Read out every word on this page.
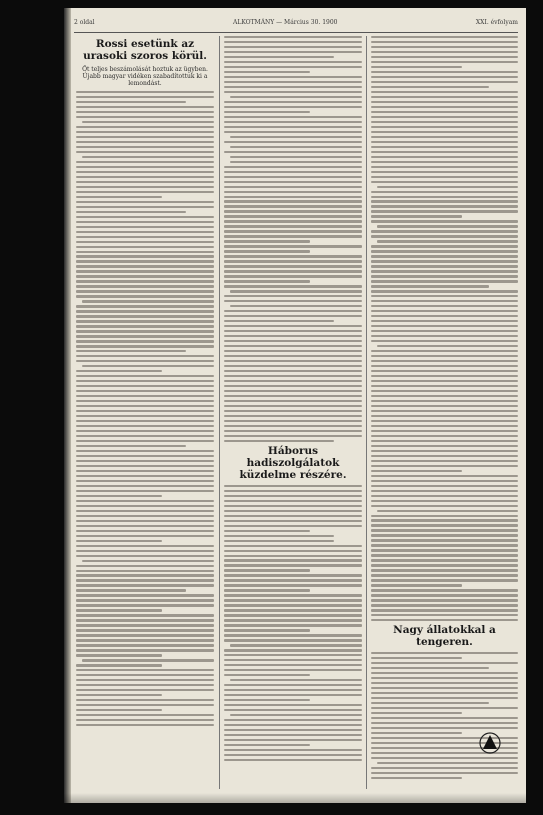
2 oldal	ALKOTMÁNY — Március 30. 1900	XXI. évfolyam
Rossi esetünk az urasoki szoros körül.
Őt teljes beszámolását hoztuk az ügyben. Újabb magyar vidéken szabadítottuk ki a lemondást.
Háborus hadiszolgálatok küzdelme részére.
Nagy állatokkal a tengeren.
